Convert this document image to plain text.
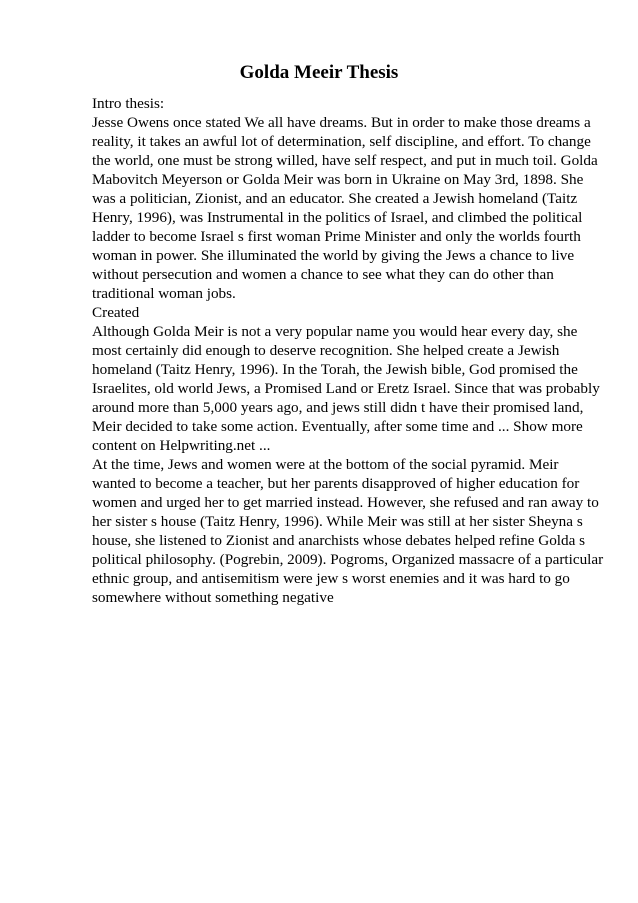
Golda Meeir Thesis
Intro thesis:
Jesse Owens once stated We all have dreams. But in order to make those dreams a
reality, it takes an awful lot of determination, self discipline, and effort. To change
the world, one must be strong willed, have self respect, and put in much toil. Golda
Mabovitch Meyerson or Golda Meir was born in Ukraine on May 3rd, 1898. She
was a politician, Zionist, and an educator. She created a Jewish homeland (Taitz
Henry, 1996), was Instrumental in the politics of Israel, and climbed the political
ladder to become Israel s first woman Prime Minister and only the worlds fourth
woman in power. She illuminated the world by giving the Jews a chance to live
without persecution and women a chance to see what they can do other than
traditional woman jobs.
Created
Although Golda Meir is not a very popular name you would hear every day, she
most certainly did enough to deserve recognition. She helped create a Jewish
homeland (Taitz Henry, 1996). In the Torah, the Jewish bible, God promised the
Israelites, old world Jews, a Promised Land or Eretz Israel. Since that was probably
around more than 5,000 years ago, and jews still didn t have their promised land,
Meir decided to take some action. Eventually, after some time and ... Show more
content on Helpwriting.net ...
At the time, Jews and women were at the bottom of the social pyramid. Meir
wanted to become a teacher, but her parents disapproved of higher education for
women and urged her to get married instead. However, she refused and ran away to
her sister s house (Taitz Henry, 1996). While Meir was still at her sister Sheyna s
house, she listened to Zionist and anarchists whose debates helped refine Golda s
political philosophy. (Pogrebin, 2009). Pogroms, Organized massacre of a particular
ethnic group, and antisemitism were jew s worst enemies and it was hard to go
somewhere without something negative
